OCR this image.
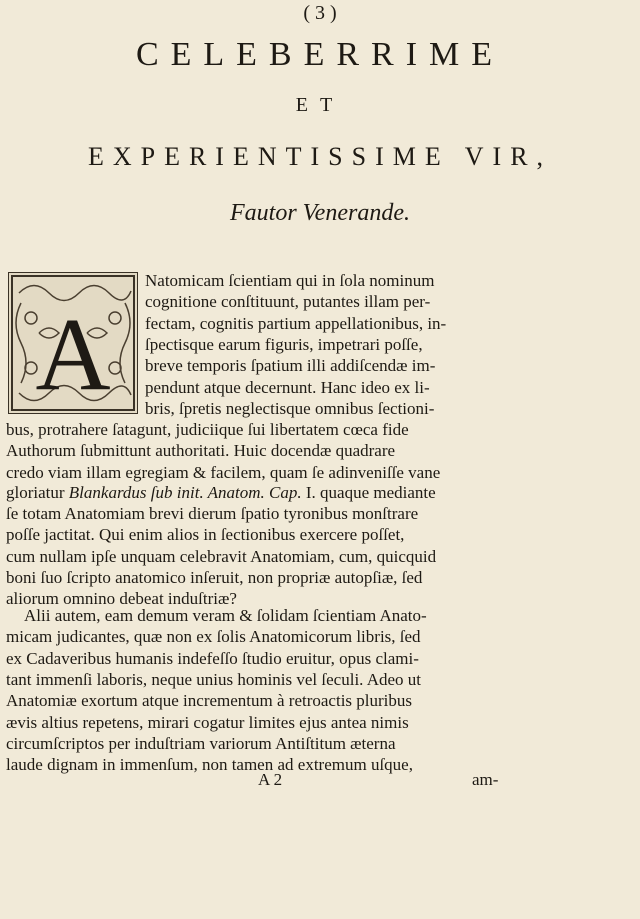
( 3 )
CELEBERRIME
ET
EXPERIENTISSIME VIR,
Fautor Venerande.
A
Natomicam ſcientiam qui in ſola nominum
cognitione conſtituunt, putantes illam per-
fectam, cognitis partium appellationibus, in-
ſpectisque earum figuris, impetrari poſſe,
breve temporis ſpatium illi addiſcendæ im-
pendunt atque decernunt. Hanc ideo ex li-
bris, ſpretis neglectisque omnibus ſectioni-
bus, protrahere ſatagunt, judiciique ſui libertatem cœca fide
Authorum ſubmittunt authoritati. Huic docendæ quadrare
credo viam illam egregiam & facilem, quam ſe adinveniſſe vane
gloriatur Blankardus ſub init. Anatom. Cap. I. quaque mediante
ſe totam Anatomiam brevi dierum ſpatio tyronibus monſtrare
poſſe jactitat. Qui enim alios in ſectionibus exercere poſſet,
cum nullam ipſe unquam celebravit Anatomiam, cum, quicquid
boni ſuo ſcripto anatomico inſeruit, non propriæ autopſiæ, ſed
aliorum omnino debeat induſtriæ?
Alii autem, eam demum veram & ſolidam ſcientiam Anato-
micam judicantes, quæ non ex ſolis Anatomicorum libris, ſed
ex Cadaveribus humanis indefeſſo ſtudio eruitur, opus clami-
tant immenſi laboris, neque unius hominis vel ſeculi. Adeo ut
Anatomiæ exortum atque incrementum à retroactis pluribus
ævis altius repetens, mirari cogatur limites ejus antea nimis
circumſcriptos per induſtriam variorum Antiſtitum æterna
laude dignam in immenſum, non tamen ad extremum uſque,
A 2	am-
